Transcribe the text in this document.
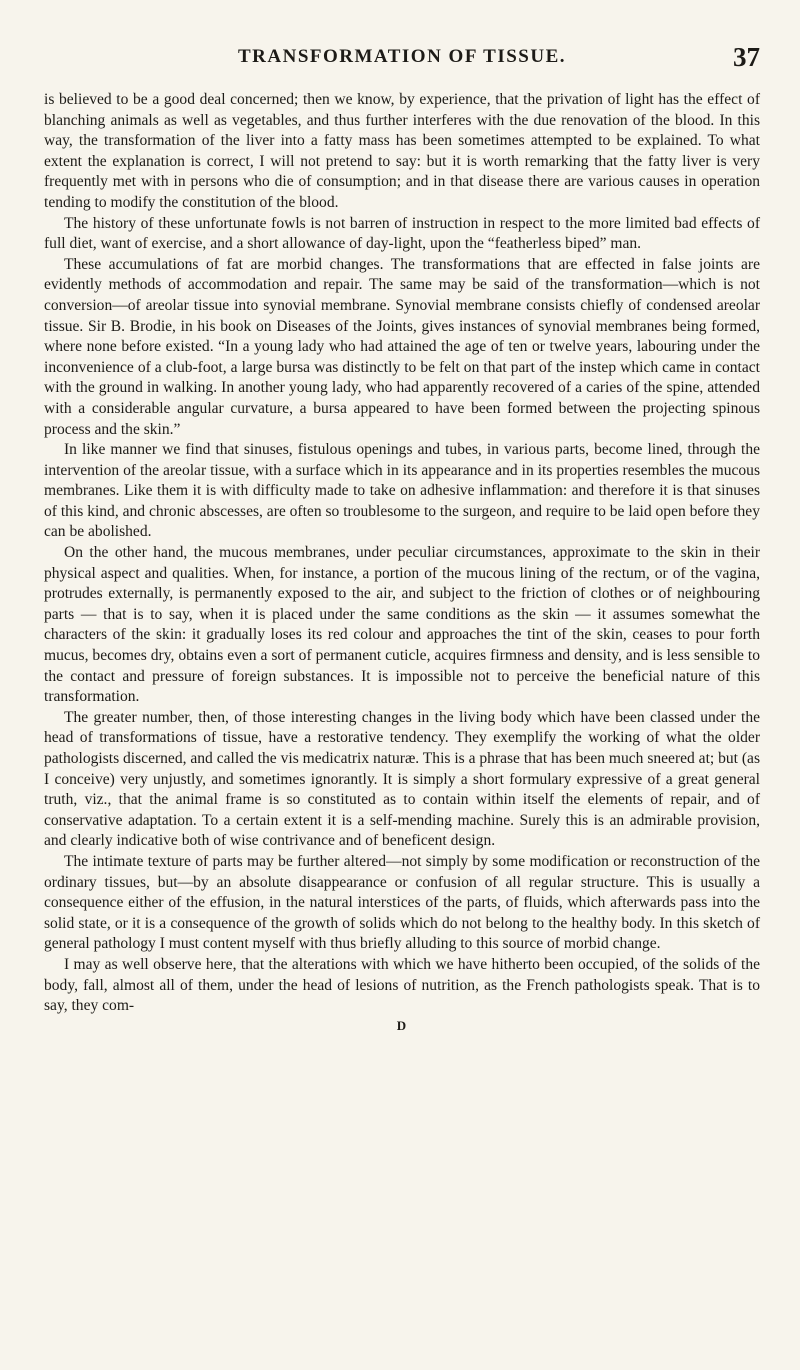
TRANSFORMATION OF TISSUE.	37

is believed to be a good deal concerned; then we know, by experience, that the privation of light has the effect of blanching animals as well as vegetables, and thus further interferes with the due renovation of the blood. In this way, the transformation of the liver into a fatty mass has been sometimes attempted to be explained. To what extent the explanation is correct, I will not pretend to say: but it is worth remarking that the fatty liver is very frequently met with in persons who die of consumption; and in that disease there are various causes in operation tending to modify the constitution of the blood.

The history of these unfortunate fowls is not barren of instruction in respect to the more limited bad effects of full diet, want of exercise, and a short allowance of day-light, upon the “featherless biped” man.

These accumulations of fat are morbid changes. The transformations that are effected in false joints are evidently methods of accommodation and repair. The same may be said of the transformation—which is not conversion—of areolar tissue into synovial membrane. Synovial membrane consists chiefly of condensed areolar tissue. Sir B. Brodie, in his book on Diseases of the Joints, gives instances of synovial membranes being formed, where none before existed. “In a young lady who had attained the age of ten or twelve years, labouring under the inconvenience of a club-foot, a large bursa was distinctly to be felt on that part of the instep which came in contact with the ground in walking. In another young lady, who had apparently recovered of a caries of the spine, attended with a considerable angular curvature, a bursa appeared to have been formed between the projecting spinous process and the skin.”

In like manner we find that sinuses, fistulous openings and tubes, in various parts, become lined, through the intervention of the areolar tissue, with a surface which in its appearance and in its properties resembles the mucous membranes. Like them it is with difficulty made to take on adhesive inflammation: and therefore it is that sinuses of this kind, and chronic abscesses, are often so troublesome to the surgeon, and require to be laid open before they can be abolished.

On the other hand, the mucous membranes, under peculiar circumstances, approximate to the skin in their physical aspect and qualities. When, for instance, a portion of the mucous lining of the rectum, or of the vagina, protrudes externally, is permanently exposed to the air, and subject to the friction of clothes or of neighbouring parts — that is to say, when it is placed under the same conditions as the skin — it assumes somewhat the characters of the skin: it gradually loses its red colour and approaches the tint of the skin, ceases to pour forth mucus, becomes dry, obtains even a sort of permanent cuticle, acquires firmness and density, and is less sensible to the contact and pressure of foreign substances. It is impossible not to perceive the beneficial nature of this transformation.

The greater number, then, of those interesting changes in the living body which have been classed under the head of transformations of tissue, have a restorative tendency. They exemplify the working of what the older pathologists discerned, and called the vis medicatrix naturæ. This is a phrase that has been much sneered at; but (as I conceive) very unjustly, and sometimes ignorantly. It is simply a short formulary expressive of a great general truth, viz., that the animal frame is so constituted as to contain within itself the elements of repair, and of conservative adaptation. To a certain extent it is a self-mending machine. Surely this is an admirable provision, and clearly indicative both of wise contrivance and of beneficent design.

The intimate texture of parts may be further altered—not simply by some modification or reconstruction of the ordinary tissues, but—by an absolute disappearance or confusion of all regular structure. This is usually a consequence either of the effusion, in the natural interstices of the parts, of fluids, which afterwards pass into the solid state, or it is a consequence of the growth of solids which do not belong to the healthy body. In this sketch of general pathology I must content myself with thus briefly alluding to this source of morbid change.

I may as well observe here, that the alterations with which we have hitherto been occupied, of the solids of the body, fall, almost all of them, under the head of lesions of nutrition, as the French pathologists speak. That is to say, they com-

D
